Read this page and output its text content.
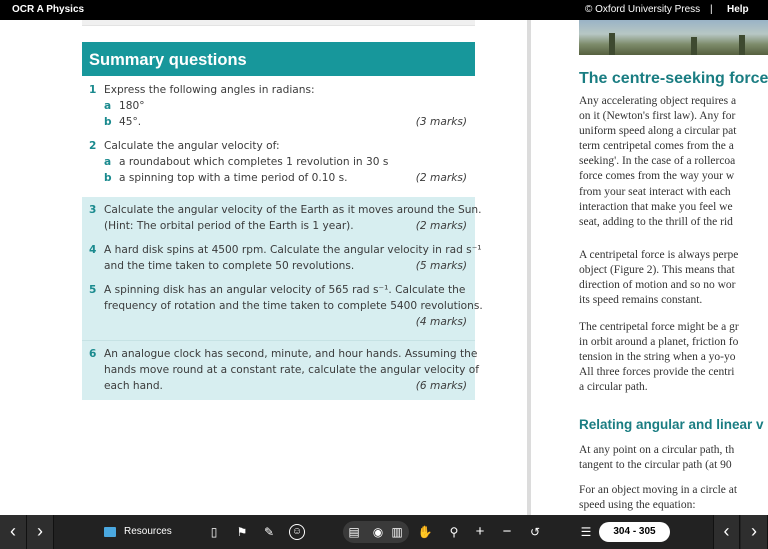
OCR A Physics	© Oxford University Press | Help
Summary questions
1 Express the following angles in radians:
a 180°
b 45°.	(3 marks)
2 Calculate the angular velocity of:
a a roundabout which completes 1 revolution in 30 s
b a spinning top with a time period of 0.10 s.	(2 marks)
3 Calculate the angular velocity of the Earth as it moves around the Sun.
(Hint: The orbital period of the Earth is 1 year).	(2 marks)
4 A hard disk spins at 4500 rpm. Calculate the angular velocity in rad s⁻¹
and the time taken to complete 50 revolutions.	(5 marks)
5 A spinning disk has an angular velocity of 565 rad s⁻¹. Calculate the
frequency of rotation and the time taken to complete 5400 revolutions.
(4 marks)
6 An analogue clock has second, minute, and hour hands. Assuming the
hands move round at a constant rate, calculate the angular velocity of
each hand.	(6 marks)
The centre-seeking force
Any accelerating object requires a
on it (Newton's first law). Any for
uniform speed along a circular pat
term centripetal comes from the a
seeking'. In the case of a rollercoa
force comes from the way your w
from your seat interact with each
interaction that make you feel we
seat, adding to the thrill of the rid
A centripetal force is always perpe
object (Figure 2). This means that
direction of motion and so no wor
its speed remains constant.
The centripetal force might be a gr
in orbit around a planet, friction fo
tension in the string when a yo-yo
All three forces provide the centri
a circular path.
Relating angular and linear v
At any point on a circular path, th
tangent to the circular path (at 90
For an object moving in a circle at
speed using the equation:
‹	›	Resources	▯	⚑ ✎ ☺	▤ ◉ ▥ ✋ ⚲ + −	↺	☰	304 - 305	‹	›
